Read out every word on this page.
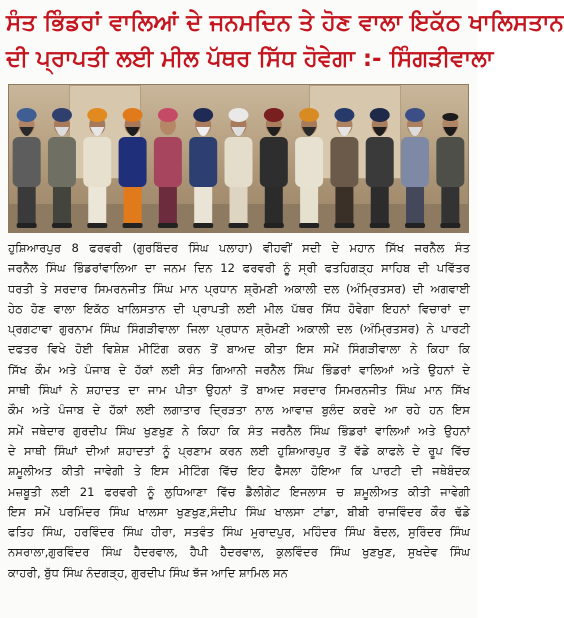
ਸੰਤ ਭਿੰਡਰਾਂ ਵਾਲਿਆਂ ਦੇ ਜਨਮਦਿਨ ਤੇ ਹੋਣ ਵਾਲਾ ਇਕੱਠ ਖਾਲਿਸਤਾਨ
ਦੀ ਪ੍ਰਾਪਤੀ ਲਈ ਮੀਲ ਪੱਥਰ ਸਿੱਧ ਹੋਵੇਗਾ :- ਸਿੰਗੜੀਵਾਲਾ
ਹੁਸ਼ਿਆਰਪੁਰ 8 ਫਰਵਰੀ (ਗੁਰਬਿੰਦਰ ਸਿੰਘ ਪਲਾਹਾ) ਵੀਹਵੀਂ ਸਦੀ ਦੇ ਮਹਾਨ ਸਿੱਖ ਜਰਨੈਲ ਸੰਤ
ਜਰਨੈਲ ਸਿੰਘ ਭਿੰਡਰਾਂਵਾਲਿਆ ਦਾ ਜਨਮ ਦਿਨ 12 ਫਰਵਰੀ ਨੂੰ ਸ੍ਰੀ ਫਤਹਿਗੜ੍ਹ ਸਾਹਿਬ ਦੀ ਪਵਿੱਤਰ
ਧਰਤੀ ਤੇ ਸਰਦਾਰ ਸਿਮਰਨਜੀਤ ਸਿੰਘ ਮਾਨ ਪ੍ਰਧਾਨ ਸ਼੍ਰੋਮਣੀ ਅਕਾਲੀ ਦਲ (ਅੰਮ੍ਰਿਤਸਰ) ਦੀ ਅਗਵਾਈ
ਹੇਠ ਹੋਣ ਵਾਲਾ ਇਕੱਠ ਖਾਲਿਸਤਾਨ ਦੀ ਪ੍ਰਾਪਤੀ ਲਈ ਮੀਲ ਪੱਥਰ ਸਿੱਧ ਹੋਵੇਗਾ ਇਹਨਾਂ ਵਿਚਾਰਾਂ ਦਾ
ਪ੍ਰਗਟਾਵਾ ਗੁਰਨਾਮ ਸਿੰਘ ਸਿੰਗੜੀਵਾਲਾ ਜਿਲਾ ਪ੍ਰਧਾਨ ਸ਼੍ਰੋਮਣੀ ਅਕਾਲੀ ਦਲ (ਅੰਮ੍ਰਿਤਸਰ) ਨੇ ਪਾਰਟੀ
ਦਫਤਰ ਵਿਖੇ ਹੋਈ ਵਿਸ਼ੇਸ਼ ਮੀਟਿੰਗ ਕਰਨ ਤੋਂ ਬਾਅਦ ਕੀਤਾ ਇਸ ਸਮੇਂ ਸਿੰਗੜੀਵਾਲਾ ਨੇ ਕਿਹਾ ਕਿ
ਸਿੱਖ ਕੌਮ ਅਤੇ ਪੰਜਾਬ ਦੇ ਹੱਕਾਂ ਲਈ ਸੰਤ ਗਿਆਨੀ ਜਰਨੈਲ ਸਿੰਘ ਭਿੰਡਰਾਂ ਵਾਲਿਆਂ ਅਤੇ ਉਹਨਾਂ ਦੇ
ਸਾਥੀ ਸਿੰਘਾਂ ਨੇ ਸ਼ਹਾਦਤ ਦਾ ਜਾਮ ਪੀਤਾ ਉਹਨਾਂ ਤੋਂ ਬਾਅਦ ਸਰਦਾਰ ਸਿਮਰਨਜੀਤ ਸਿੰਘ ਮਾਨ ਸਿੱਖ
ਕੌਮ ਅਤੇ ਪੰਜਾਬ ਦੇ ਹੱਕਾਂ ਲਈ ਲਗਾਤਾਰ ਦ੍ਰਿੜਤਾ ਨਾਲ ਆਵਾਜ਼ ਬੁਲੰਦ ਕਰਦੇ ਆ ਰਹੇ ਹਨ ਇਸ
ਸਮੇਂ ਜਥੇਦਾਰ ਗੁਰਦੀਪ ਸਿੰਘ ਖੁਣਖੁਣ ਨੇ ਕਿਹਾ ਕਿ ਸੰਤ ਜਰਨੈਲ ਸਿੰਘ ਭਿੰਡਰਾਂ ਵਾਲਿਆਂ ਅਤੇ ਉਹਨਾਂ
ਦੇ ਸਾਥੀ ਸਿੰਘਾਂ ਦੀਆਂ ਸ਼ਹਾਦਤਾਂ ਨੂੰ ਪ੍ਰਣਾਮ ਕਰਨ ਲਈ ਹੁਸ਼ਿਆਰਪੁਰ ਤੋਂ ਵੱਡੇ ਕਾਫਲੇ ਦੇ ਰੂਪ ਵਿੱਚ
ਸ਼ਮੂਲੀਅਤ ਕੀਤੀ ਜਾਵੇਗੀ ਤੇ ਇਸ ਮੀਟਿੰਗ ਵਿੱਚ ਇਹ ਫੈਸਲਾ ਹੋਇਆ ਕਿ ਪਾਰਟੀ ਦੀ ਜਥੇਬੰਦਕ
ਮਜ਼ਬੂਤੀ ਲਈ 21 ਫਰਵਰੀ ਨੂੰ ਲੁਧਿਆਣਾ ਵਿੱਚ ਡੈਲੀਗੇਟ ਇਜਲਾਸ ਚ ਸ਼ਮੂਲੀਅਤ ਕੀਤੀ ਜਾਵੇਗੀ
ਇਸ ਸਮੇਂ ਪਰਮਿੰਦਰ ਸਿੰਘ ਖਾਲਸਾ ਖੁਣਖੁਣ,ਸੰਦੀਪ ਸਿੰਘ ਖਾਲਸਾ ਟਾਂਡਾ, ਬੀਬੀ ਰਾਜਵਿੰਦਰ ਕੌਰ ਢੱਡੇ
ਫਤਿਹ ਸਿੰਘ, ਹਰਵਿੰਦਰ ਸਿੰਘ ਹੀਰਾ, ਸਤਵੰਤ ਸਿੰਘ ਮੁਰਾਦਪੁਰ, ਮਹਿੰਦਰ ਸਿੰਘ ਬੋਦਲ, ਸੁਰਿੰਦਰ ਸਿੰਘ
ਨਸਰਾਲਾ,ਗੁਰਵਿੰਦਰ ਸਿੰਘ ਹੈਦਰਵਾਲ, ਹੈਪੀ ਹੈਦਰਵਾਲ, ਕੁਲਵਿੰਦਰ ਸਿੰਘ ਖੁਣਖੁਣ, ਸੁਖਦੇਵ ਸਿੰਘ
ਕਾਹਰੀ, ਬੁੱਧ ਸਿੰਘ ਨੰਦਗੜ੍ਹ, ਗੁਰਦੀਪ ਸਿੰਘ ਝੱਜ ਆਦਿ ਸ਼ਾਮਿਲ ਸਨ
